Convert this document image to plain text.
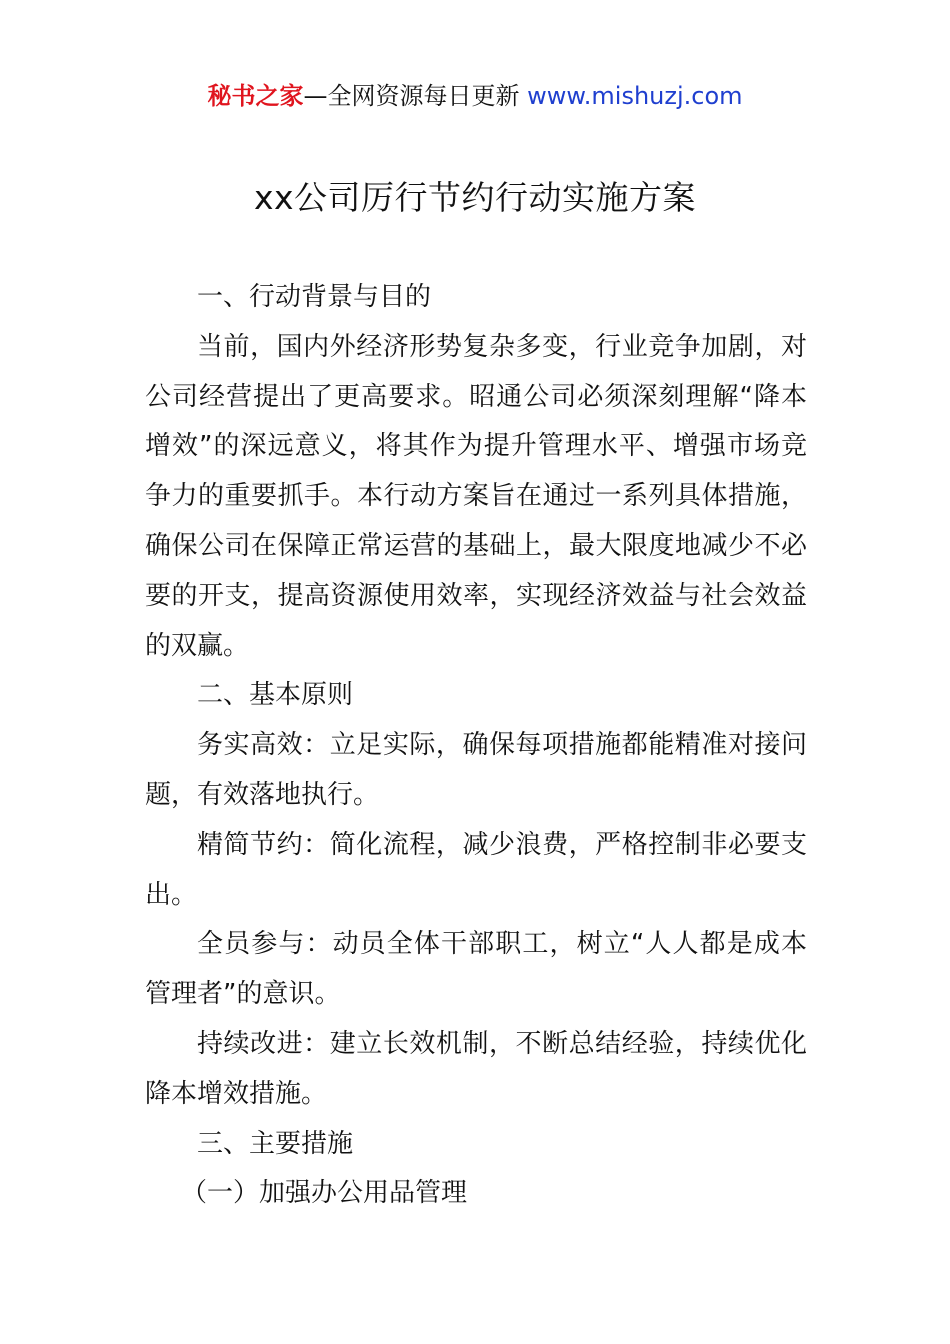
秘书之家—全网资源每日更新 www.mishuzj.com
xx公司厉行节约行动实施方案

一、行动背景与目的

当前，国内外经济形势复杂多变，行业竞争加剧，对公司经营提出了更高要求。昭通公司必须深刻理解“降本增效”的深远意义，将其作为提升管理水平、增强市场竞争力的重要抓手。本行动方案旨在通过一系列具体措施，确保公司在保障正常运营的基础上，最大限度地减少不必要的开支，提高资源使用效率，实现经济效益与社会效益的双赢。

二、基本原则

务实高效：立足实际，确保每项措施都能精准对接问题，有效落地执行。

精简节约：简化流程，减少浪费，严格控制非必要支出。

全员参与：动员全体干部职工，树立“人人都是成本管理者”的意识。

持续改进：建立长效机制，不断总结经验，持续优化降本增效措施。

三、主要措施

（一）加强办公用品管理
